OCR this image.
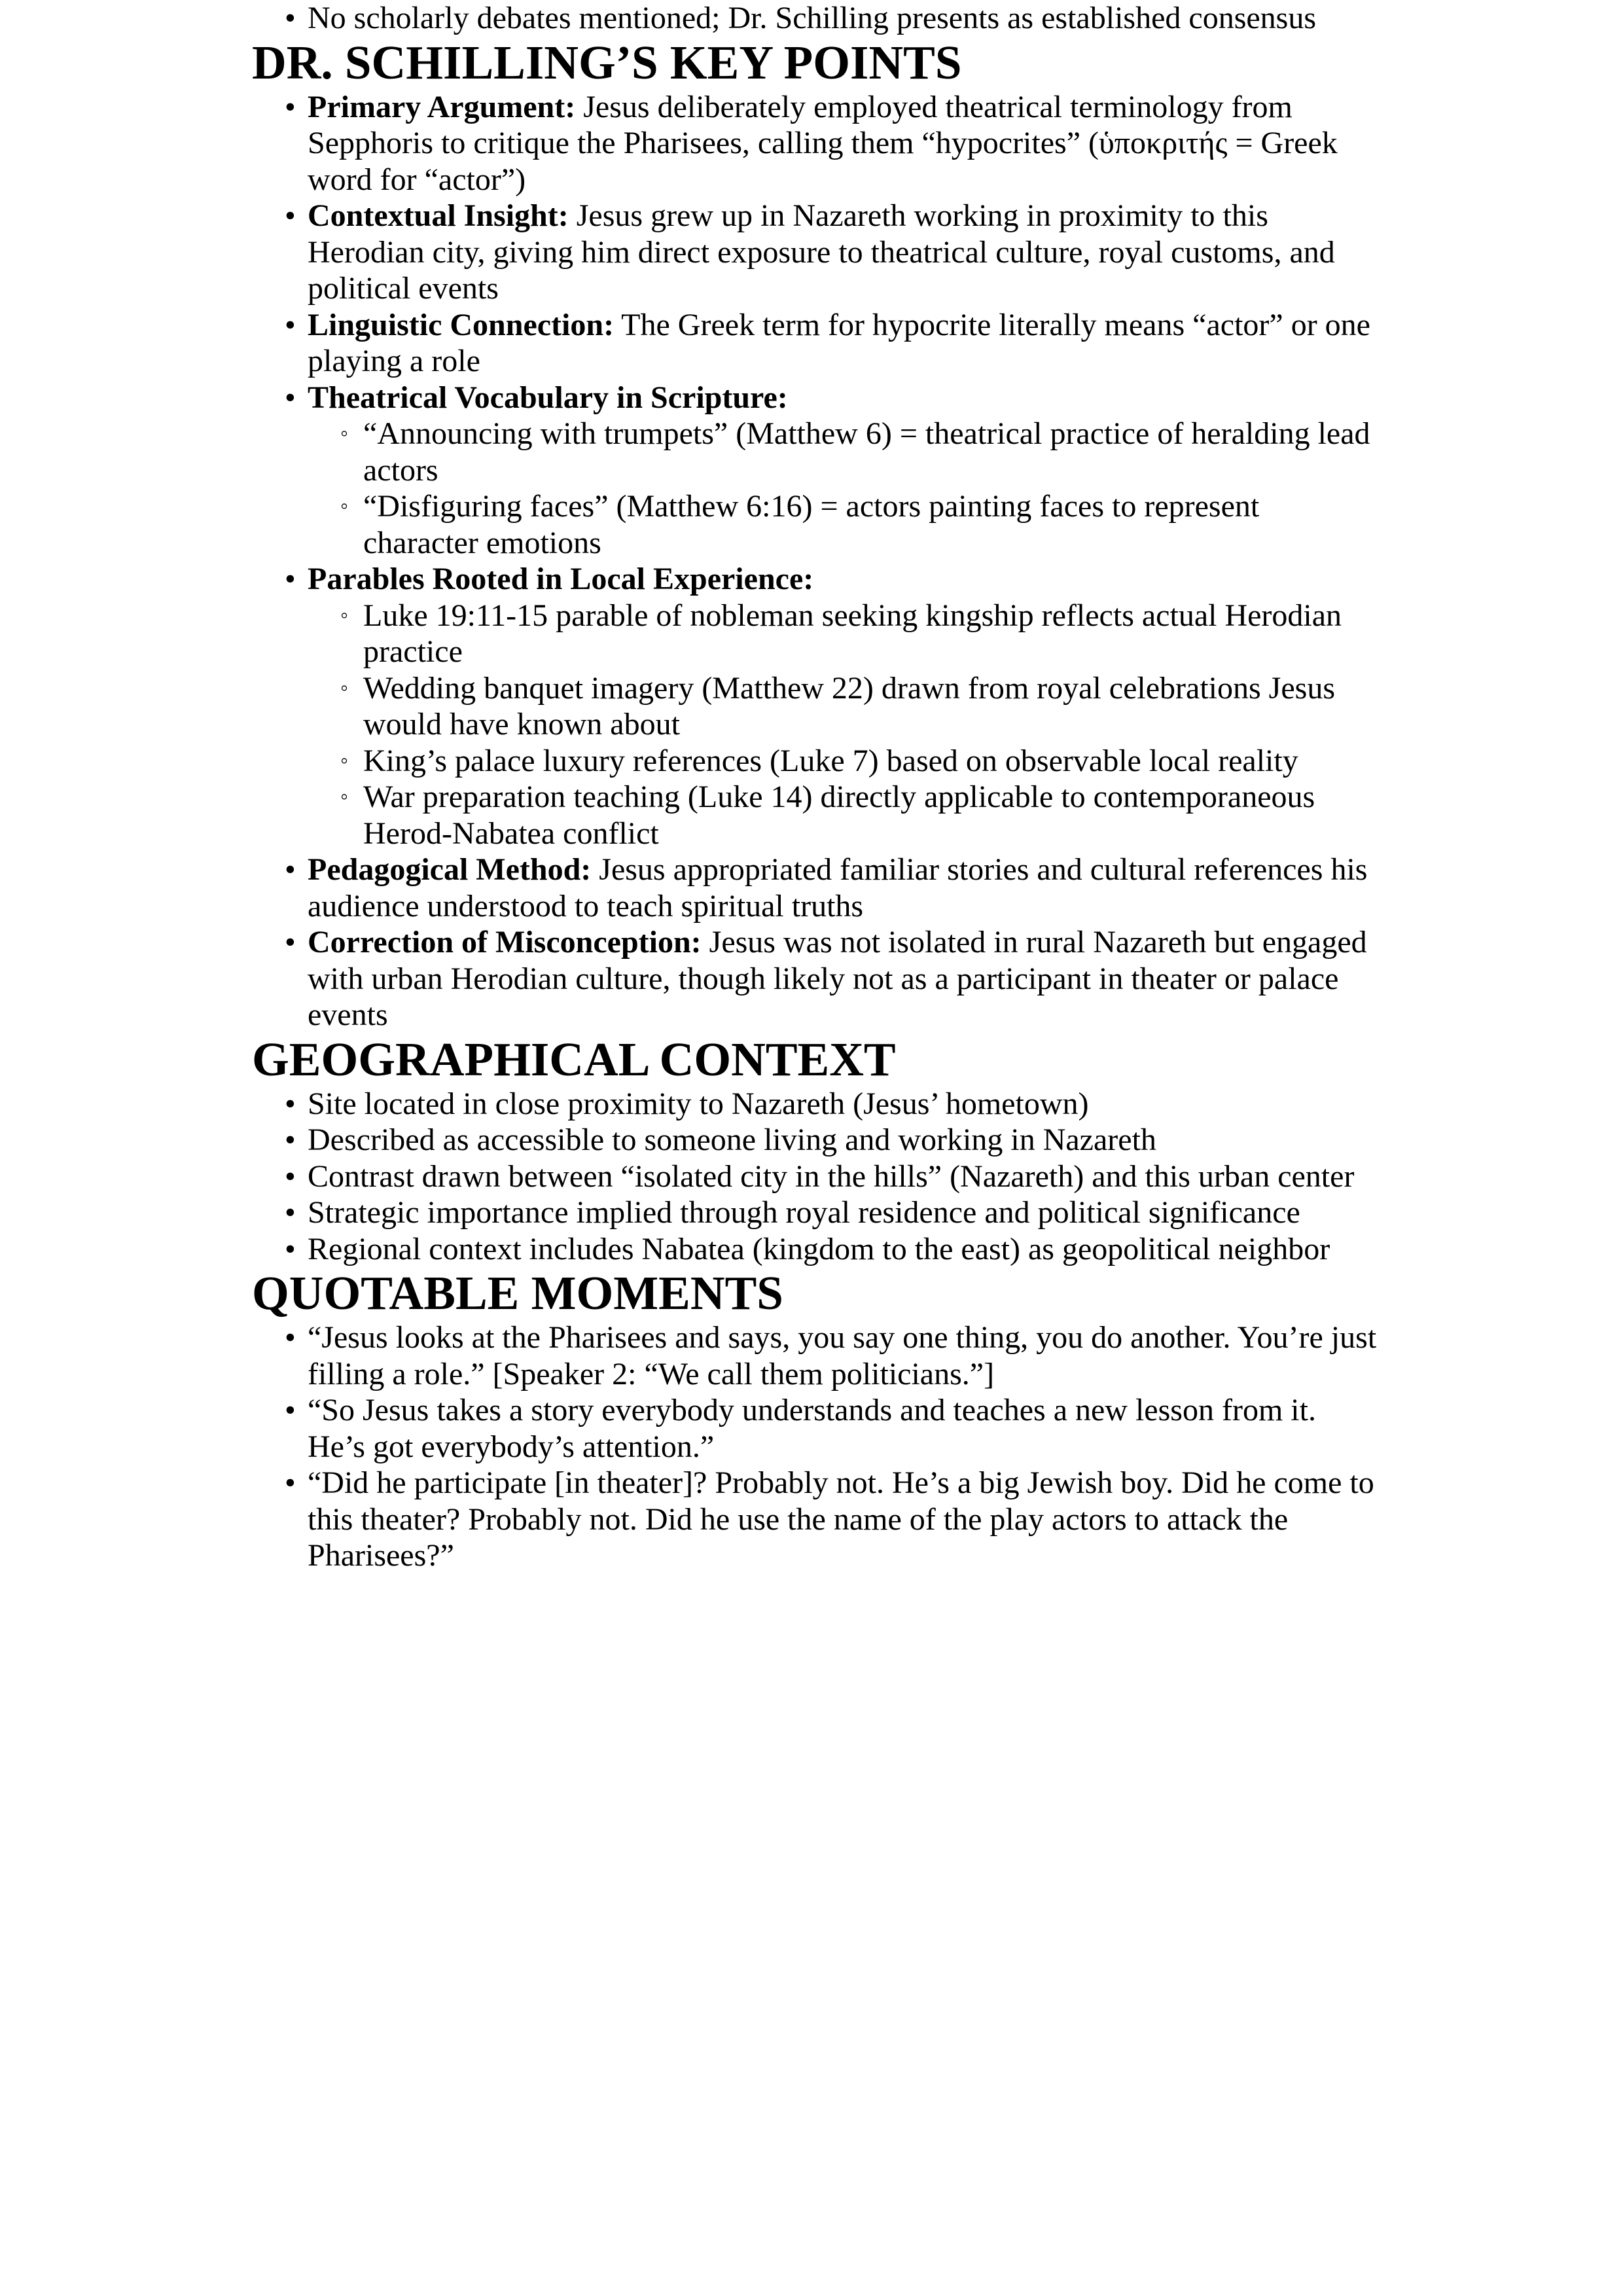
• No scholarly debates mentioned; Dr. Schilling presents as established consensus
DR. SCHILLING’S KEY POINTS
• Primary Argument: Jesus deliberately employed theatrical terminology from Sepphoris to critique the Pharisees, calling them “hypocrites” (ὑποκριτής = Greek word for “actor”)
• Contextual Insight: Jesus grew up in Nazareth working in proximity to this Herodian city, giving him direct exposure to theatrical culture, royal customs, and political events
• Linguistic Connection: The Greek term for hypocrite literally means “actor” or one playing a role
• Theatrical Vocabulary in Scripture:
◦ “Announcing with trumpets” (Matthew 6) = theatrical practice of heralding lead actors
◦ “Disfiguring faces” (Matthew 6:16) = actors painting faces to represent character emotions
• Parables Rooted in Local Experience:
◦ Luke 19:11-15 parable of nobleman seeking kingship reflects actual Herodian practice
◦ Wedding banquet imagery (Matthew 22) drawn from royal celebrations Jesus would have known about
◦ King’s palace luxury references (Luke 7) based on observable local reality
◦ War preparation teaching (Luke 14) directly applicable to contemporaneous Herod-Nabatea conflict
• Pedagogical Method: Jesus appropriated familiar stories and cultural references his audience understood to teach spiritual truths
• Correction of Misconception: Jesus was not isolated in rural Nazareth but engaged with urban Herodian culture, though likely not as a participant in theater or palace events
GEOGRAPHICAL CONTEXT
• Site located in close proximity to Nazareth (Jesus’ hometown)
• Described as accessible to someone living and working in Nazareth
• Contrast drawn between “isolated city in the hills” (Nazareth) and this urban center
• Strategic importance implied through royal residence and political significance
• Regional context includes Nabatea (kingdom to the east) as geopolitical neighbor
QUOTABLE MOMENTS
• “Jesus looks at the Pharisees and says, you say one thing, you do another. You’re just filling a role.” [Speaker 2: “We call them politicians.”]
• “So Jesus takes a story everybody understands and teaches a new lesson from it. He’s got everybody’s attention.”
• “Did he participate [in theater]? Probably not. He’s a big Jewish boy. Did he come to this theater? Probably not. Did he use the name of the play actors to attack the Pharisees?”
